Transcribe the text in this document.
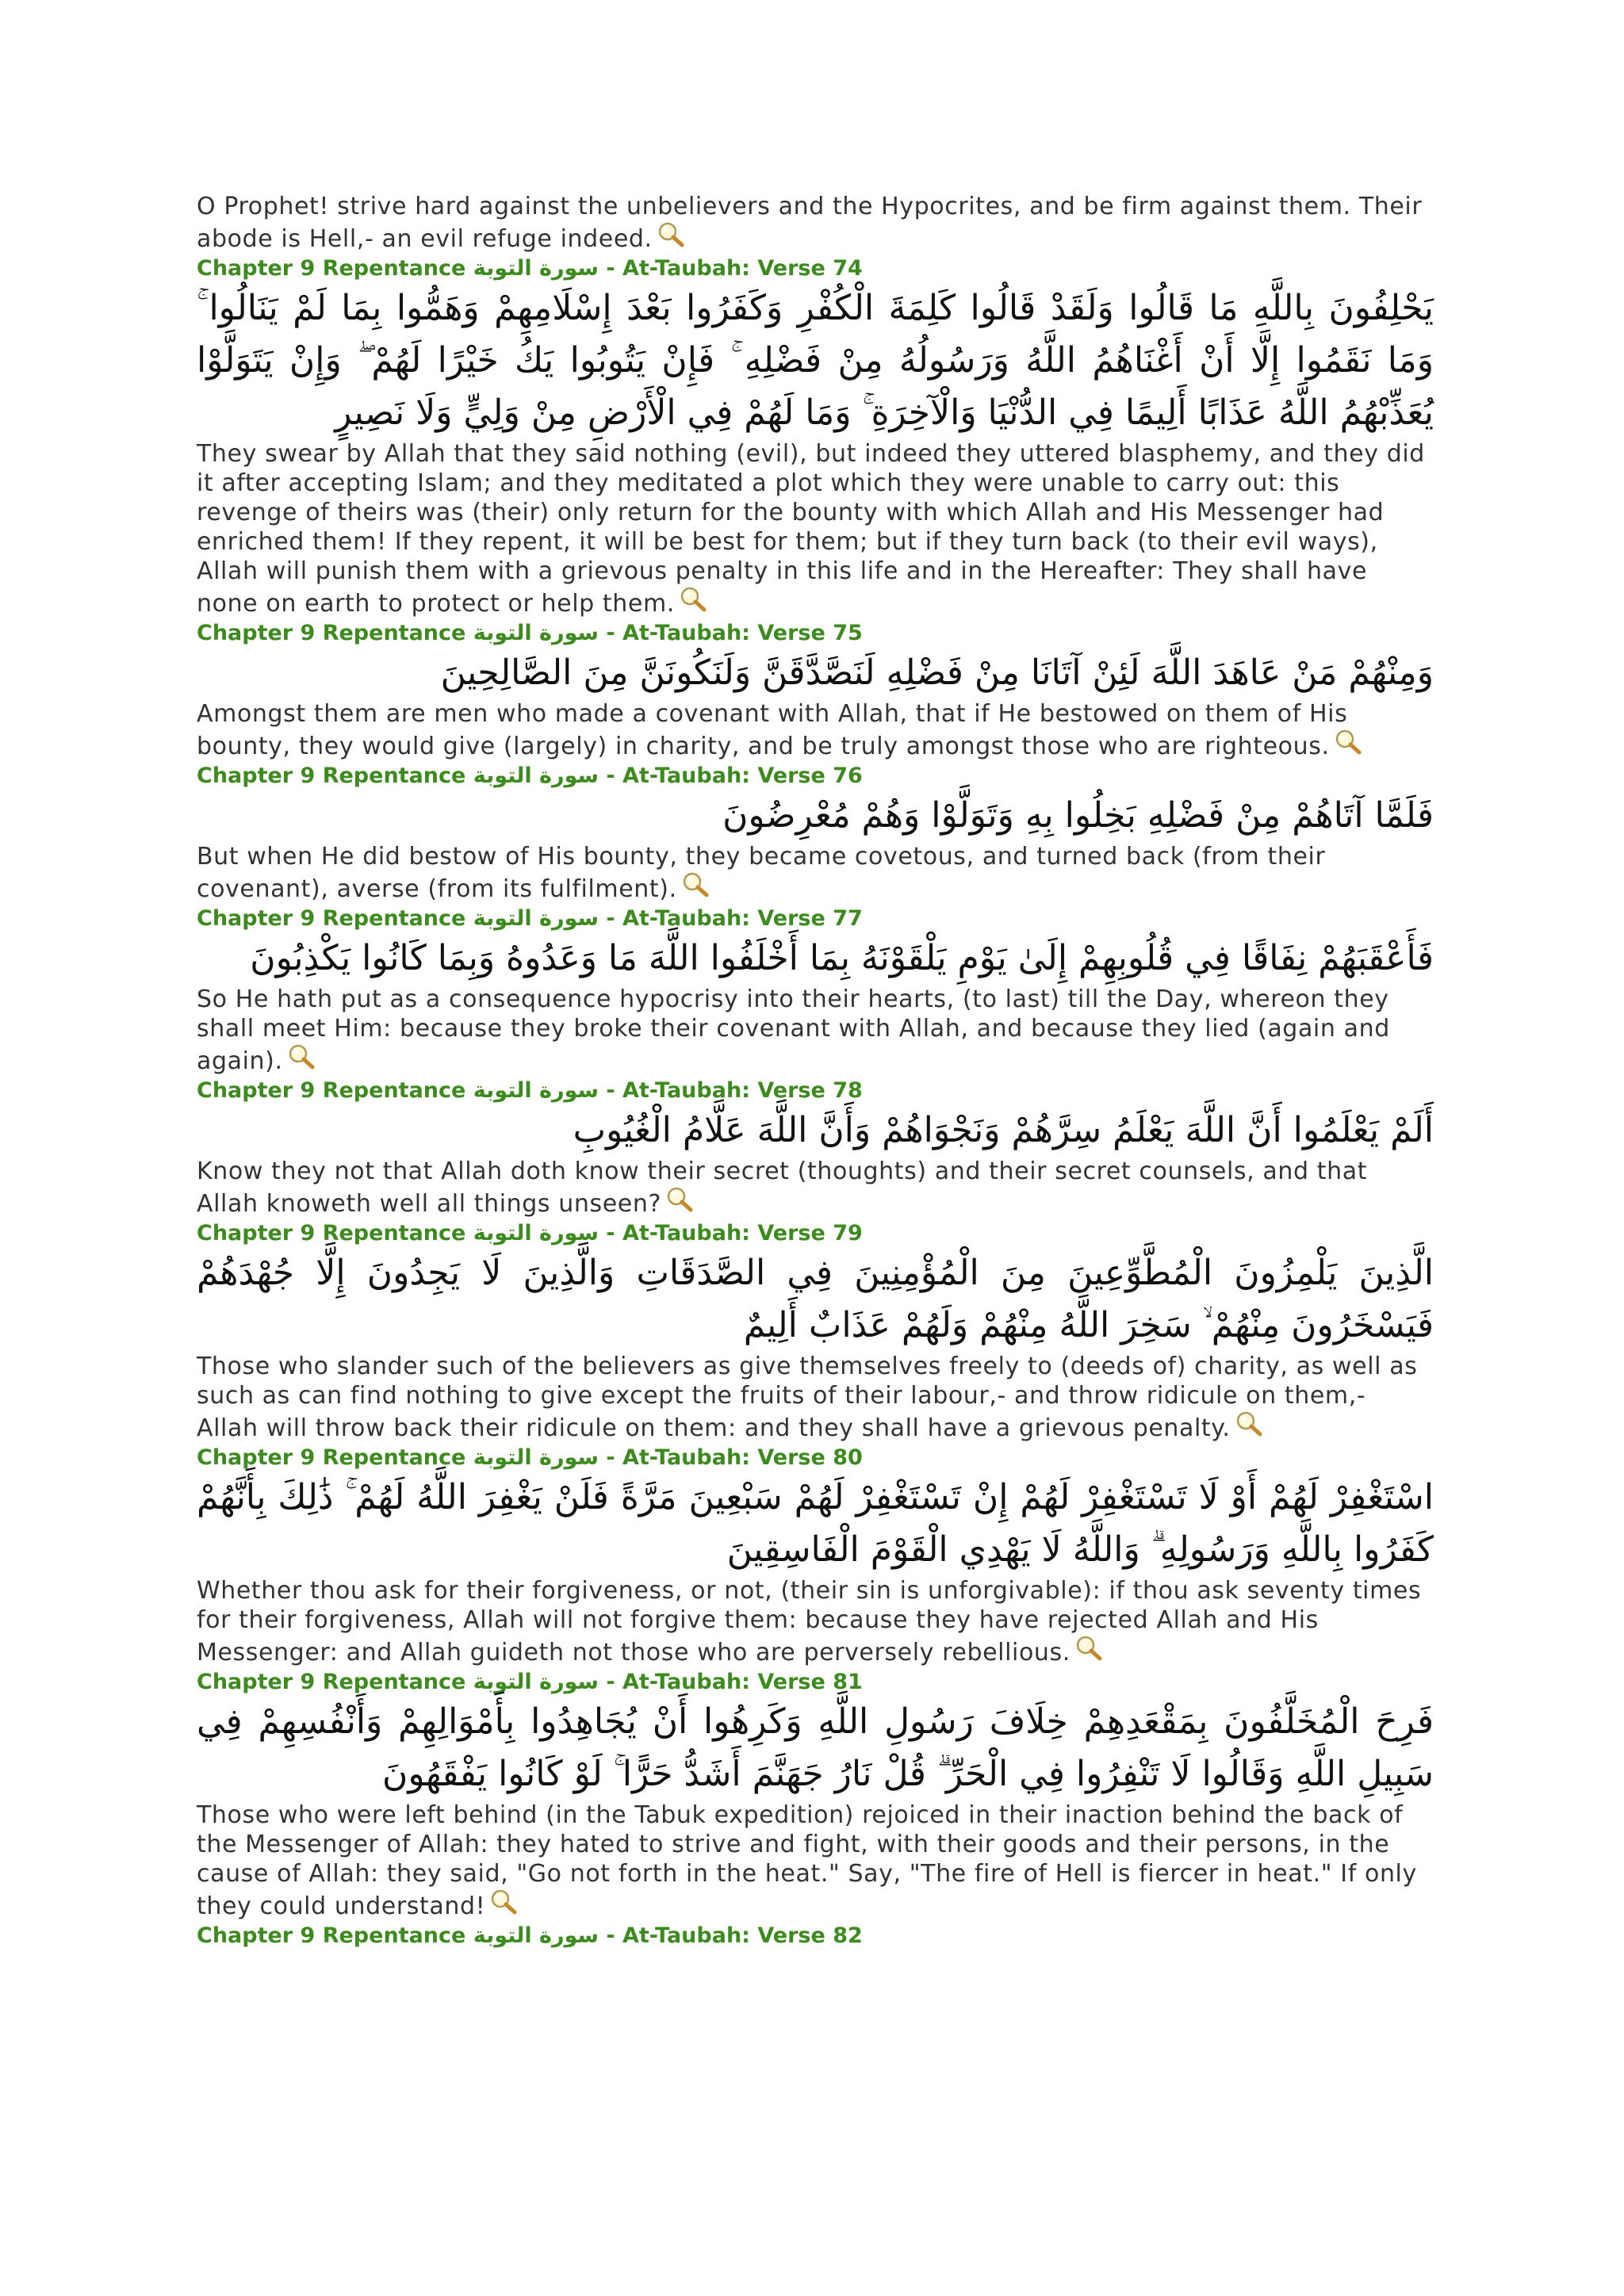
O Prophet! strive hard against the unbelievers and the Hypocrites, and be firm against them. Their abode is Hell,- an evil refuge indeed.

Chapter 9 Repentance سورة التوبة - At-Taubah: Verse 74

يَحْلِفُونَ بِاللَّهِ مَا قَالُوا وَلَقَدْ قَالُوا كَلِمَةَ الْكُفْرِ وَكَفَرُوا بَعْدَ إِسْلَامِهِمْ وَهَمُّوا بِمَا لَمْ يَنَالُوا ۚ وَمَا نَقَمُوا إِلَّا أَنْ أَغْنَاهُمُ اللَّهُ وَرَسُولُهُ مِنْ فَضْلِهِ ۚ فَإِنْ يَتُوبُوا يَكُ خَيْرًا لَهُمْ ۖ وَإِنْ يَتَوَلَّوْا يُعَذِّبْهُمُ اللَّهُ عَذَابًا أَلِيمًا فِي الدُّنْيَا وَالْآخِرَةِ ۚ وَمَا لَهُمْ فِي الْأَرْضِ مِنْ وَلِيٍّ وَلَا نَصِيرٍ

They swear by Allah that they said nothing (evil), but indeed they uttered blasphemy, and they did it after accepting Islam; and they meditated a plot which they were unable to carry out: this revenge of theirs was (their) only return for the bounty with which Allah and His Messenger had enriched them! If they repent, it will be best for them; but if they turn back (to their evil ways), Allah will punish them with a grievous penalty in this life and in the Hereafter: They shall have none on earth to protect or help them.

Chapter 9 Repentance سورة التوبة - At-Taubah: Verse 75

وَمِنْهُمْ مَنْ عَاهَدَ اللَّهَ لَئِنْ آتَانَا مِنْ فَضْلِهِ لَنَصَّدَّقَنَّ وَلَنَكُونَنَّ مِنَ الصَّالِحِينَ

Amongst them are men who made a covenant with Allah, that if He bestowed on them of His bounty, they would give (largely) in charity, and be truly amongst those who are righteous.

Chapter 9 Repentance سورة التوبة - At-Taubah: Verse 76

فَلَمَّا آتَاهُمْ مِنْ فَضْلِهِ بَخِلُوا بِهِ وَتَوَلَّوْا وَهُمْ مُعْرِضُونَ

But when He did bestow of His bounty, they became covetous, and turned back (from their covenant), averse (from its fulfilment).

Chapter 9 Repentance سورة التوبة - At-Taubah: Verse 77

فَأَعْقَبَهُمْ نِفَاقًا فِي قُلُوبِهِمْ إِلَىٰ يَوْمِ يَلْقَوْنَهُ بِمَا أَخْلَفُوا اللَّهَ مَا وَعَدُوهُ وَبِمَا كَانُوا يَكْذِبُونَ

So He hath put as a consequence hypocrisy into their hearts, (to last) till the Day, whereon they shall meet Him: because they broke their covenant with Allah, and because they lied (again and again).

Chapter 9 Repentance سورة التوبة - At-Taubah: Verse 78

أَلَمْ يَعْلَمُوا أَنَّ اللَّهَ يَعْلَمُ سِرَّهُمْ وَنَجْوَاهُمْ وَأَنَّ اللَّهَ عَلَّامُ الْغُيُوبِ

Know they not that Allah doth know their secret (thoughts) and their secret counsels, and that Allah knoweth well all things unseen?

Chapter 9 Repentance سورة التوبة - At-Taubah: Verse 79

الَّذِينَ يَلْمِزُونَ الْمُطَّوِّعِينَ مِنَ الْمُؤْمِنِينَ فِي الصَّدَقَاتِ وَالَّذِينَ لَا يَجِدُونَ إِلَّا جُهْدَهُمْ فَيَسْخَرُونَ مِنْهُمْ ۙ سَخِرَ اللَّهُ مِنْهُمْ وَلَهُمْ عَذَابٌ أَلِيمٌ

Those who slander such of the believers as give themselves freely to (deeds of) charity, as well as such as can find nothing to give except the fruits of their labour,- and throw ridicule on them,- Allah will throw back their ridicule on them: and they shall have a grievous penalty.

Chapter 9 Repentance سورة التوبة - At-Taubah: Verse 80

اسْتَغْفِرْ لَهُمْ أَوْ لَا تَسْتَغْفِرْ لَهُمْ إِنْ تَسْتَغْفِرْ لَهُمْ سَبْعِينَ مَرَّةً فَلَنْ يَغْفِرَ اللَّهُ لَهُمْ ۚ ذَٰلِكَ بِأَنَّهُمْ كَفَرُوا بِاللَّهِ وَرَسُولِهِ ۗ وَاللَّهُ لَا يَهْدِي الْقَوْمَ الْفَاسِقِينَ

Whether thou ask for their forgiveness, or not, (their sin is unforgivable): if thou ask seventy times for their forgiveness, Allah will not forgive them: because they have rejected Allah and His Messenger: and Allah guideth not those who are perversely rebellious.

Chapter 9 Repentance سورة التوبة - At-Taubah: Verse 81

فَرِحَ الْمُخَلَّفُونَ بِمَقْعَدِهِمْ خِلَافَ رَسُولِ اللَّهِ وَكَرِهُوا أَنْ يُجَاهِدُوا بِأَمْوَالِهِمْ وَأَنْفُسِهِمْ فِي سَبِيلِ اللَّهِ وَقَالُوا لَا تَنْفِرُوا فِي الْحَرِّ ۗ قُلْ نَارُ جَهَنَّمَ أَشَدُّ حَرًّا ۚ لَوْ كَانُوا يَفْقَهُونَ

Those who were left behind (in the Tabuk expedition) rejoiced in their inaction behind the back of the Messenger of Allah: they hated to strive and fight, with their goods and their persons, in the cause of Allah: they said, "Go not forth in the heat." Say, "The fire of Hell is fiercer in heat." If only they could understand!

Chapter 9 Repentance سورة التوبة - At-Taubah: Verse 82
